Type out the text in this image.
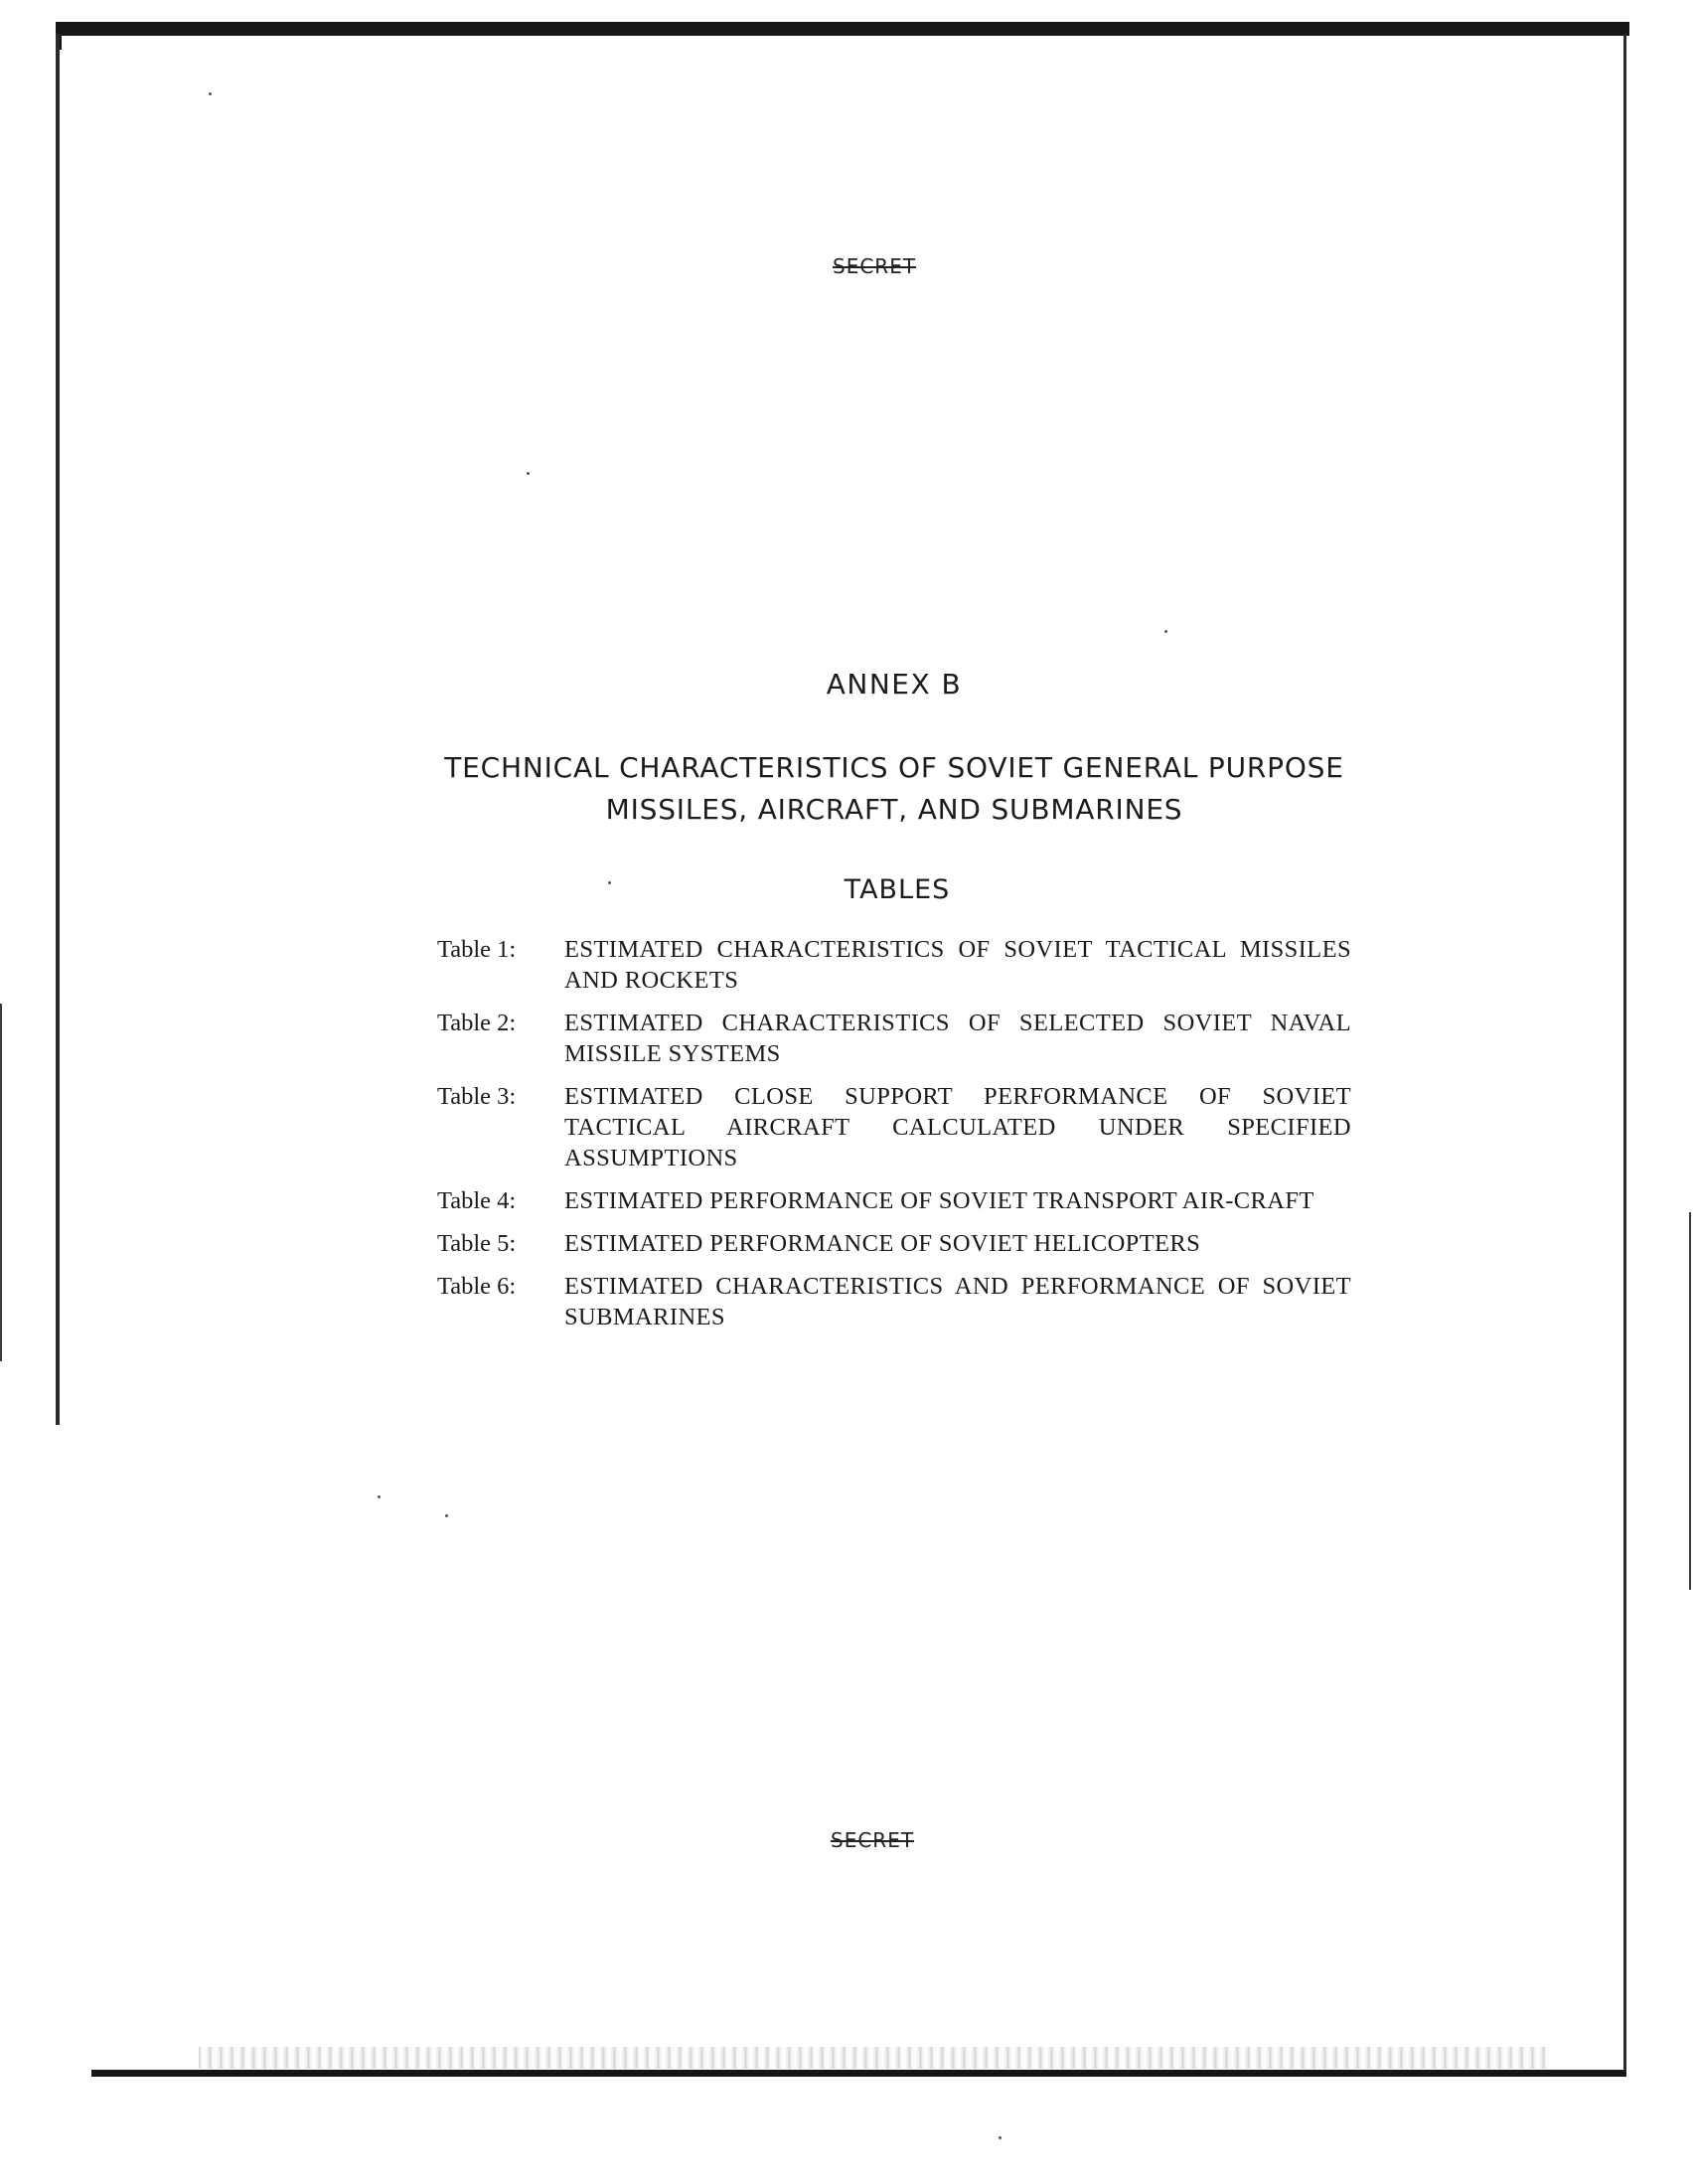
SECRET
ANNEX B
TECHNICAL CHARACTERISTICS OF SOVIET GENERAL PURPOSE
MISSILES, AIRCRAFT, AND SUBMARINES
TABLES
Table 1:	ESTIMATED CHARACTERISTICS OF SOVIET TACTICAL MISSILES AND ROCKETS
Table 2:	ESTIMATED CHARACTERISTICS OF SELECTED SOVIET NAVAL MISSILE SYSTEMS
Table 3:	ESTIMATED CLOSE SUPPORT PERFORMANCE OF SOVIET TACTICAL AIRCRAFT CALCULATED UNDER SPECIFIED ASSUMPTIONS
Table 4:	ESTIMATED PERFORMANCE OF SOVIET TRANSPORT AIR-CRAFT
Table 5:	ESTIMATED PERFORMANCE OF SOVIET HELICOPTERS
Table 6:	ESTIMATED CHARACTERISTICS AND PERFORMANCE OF SOVIET SUBMARINES
SECRET
